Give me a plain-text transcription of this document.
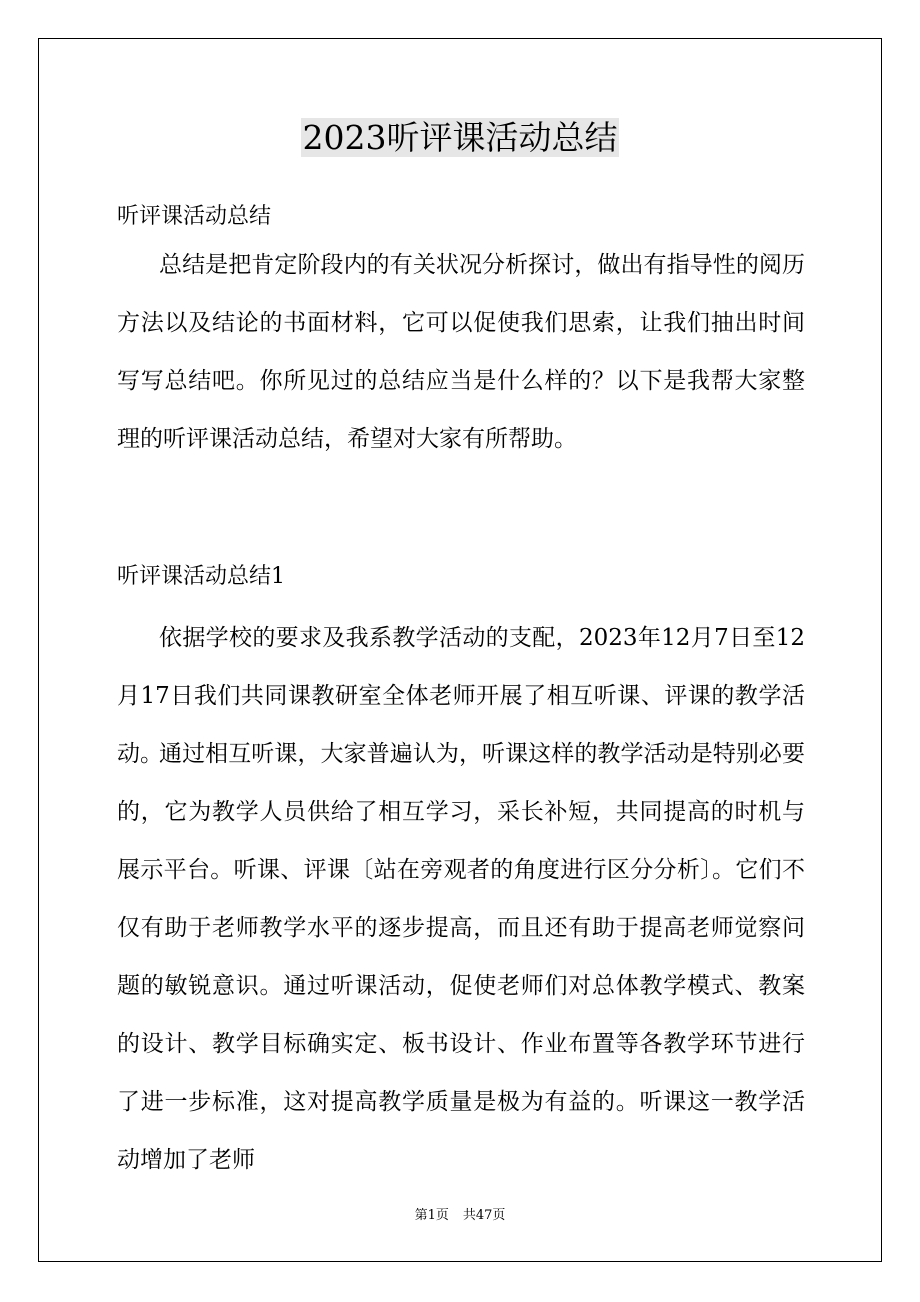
2023听评课活动总结

听评课活动总结

总结是把肯定阶段内的有关状况分析探讨，做出有指导性的阅历方法以及结论的书面材料，它可以促使我们思索，让我们抽出时间写写总结吧。你所见过的总结应当是什么样的？以下是我帮大家整理的听评课活动总结，希望对大家有所帮助。

听评课活动总结1

依据学校的要求及我系教学活动的支配，2023年12月7日至12月17日我们共同课教研室全体老师开展了相互听课、评课的教学活动。

通过相互听课，大家普遍认为，听课这样的教学活动是特别必要的，它为教学人员供给了相互学习，采长补短，共同提高的时机与展示平台。听课、评课〔站在旁观者的角度进行区分分析〕。它们不仅有助于老师教学水平的逐步提高，而且还有助于提高老师觉察问题的敏锐意识。通过听课活动，促使老师们对总体教学模式、教案的设计、教学目标确实定、板书设计、作业布置等各教学环节进行了进一步标准，这对提高教学质量是极为有益的。听课这一教学活动增加了老师

第1页 共47页
